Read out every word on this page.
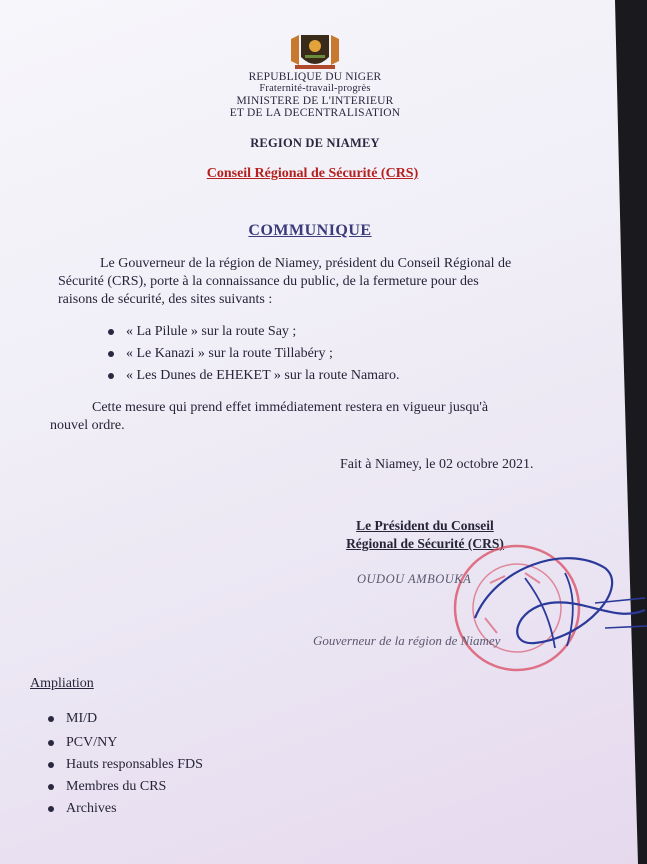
REPUBLIQUE DU NIGER
Fraternité-travail-progrès
MINISTERE DE L'INTERIEUR
ET DE LA DECENTRALISATION
REGION DE NIAMEY
Conseil Régional de Sécurité (CRS)
COMMUNIQUE
Le Gouverneur de la région de Niamey, président du Conseil Régional de
Sécurité (CRS), porte à la connaissance du public, de la fermeture pour des
raisons de sécurité, des sites suivants :
« La Pilule » sur la route Say ;
« Le Kanazi » sur la route Tillabéry ;
« Les Dunes de EHEKET » sur la route Namaro.
Cette mesure qui prend effet immédiatement restera en vigueur jusqu'à
nouvel ordre.
Fait à Niamey, le 02 octobre 2021.
Le Président du Conseil
Régional de Sécurité (CRS)
OUDOU AMBOUKA
Gouverneur de la région de Niamey
Ampliation
MI/D
PCV/NY
Hauts responsables FDS
Membres du CRS
Archives
